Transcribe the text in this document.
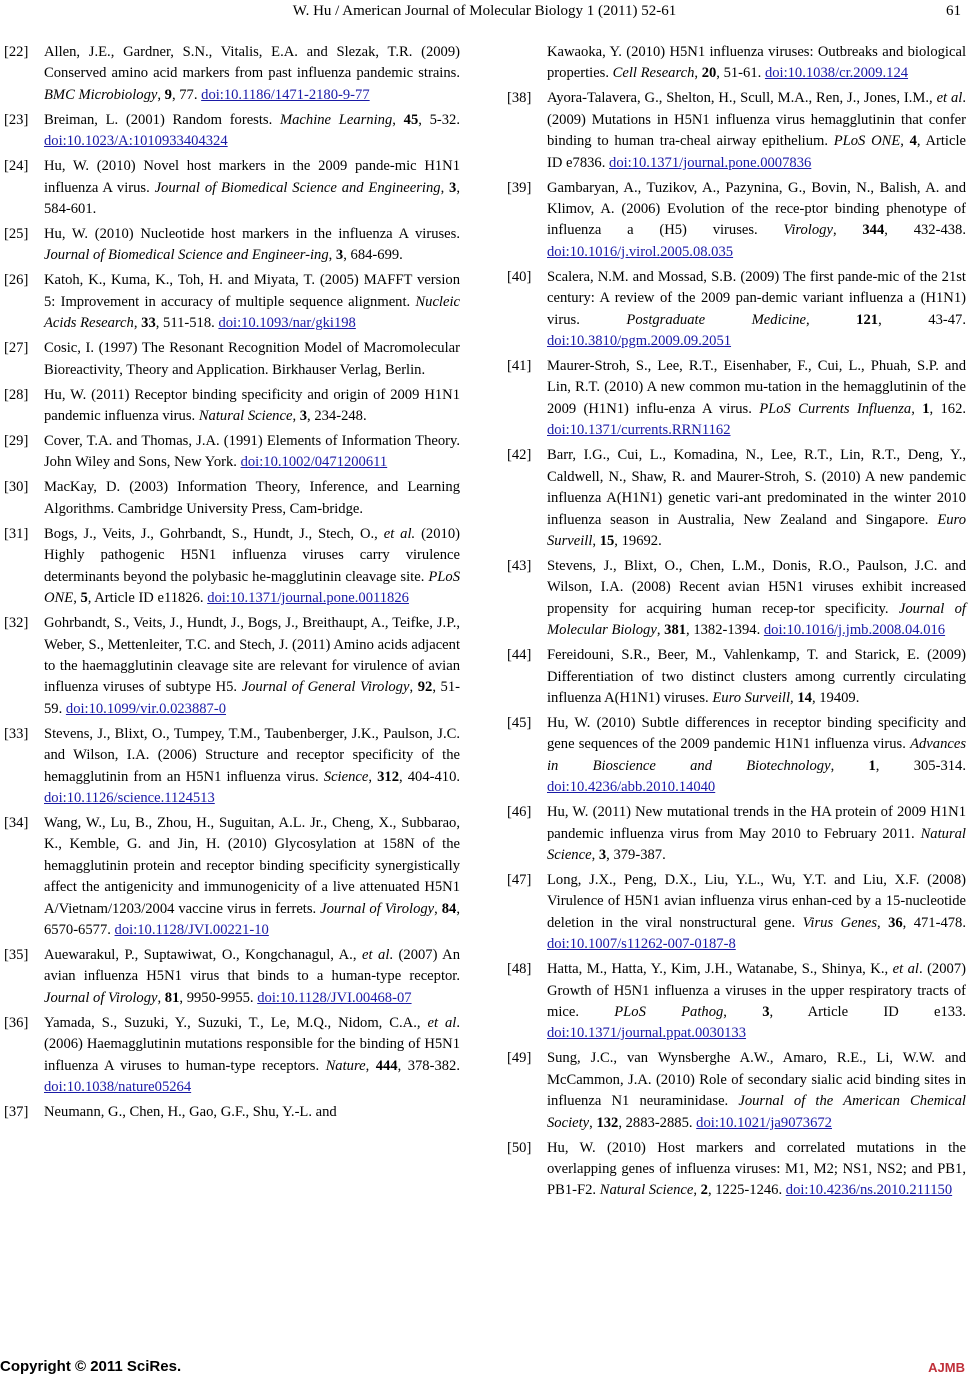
W. Hu / American Journal of Molecular Biology 1 (2011) 52-61	61
[22]	Allen, J.E., Gardner, S.N., Vitalis, E.A. and Slezak, T.R. (2009) Conserved amino acid markers from past influenza pandemic strains. BMC Microbiology, 9, 77. doi:10.1186/1471-2180-9-77
[23]	Breiman, L. (2001) Random forests. Machine Learning, 45, 5-32. doi:10.1023/A:1010933404324
[24]	Hu, W. (2010) Novel host markers in the 2009 pande-mic H1N1 influenza A virus. Journal of Biomedical Science and Engineering, 3, 584-601.
[25]	Hu, W. (2010) Nucleotide host markers in the influenza A viruses. Journal of Biomedical Science and Engineer-ing, 3, 684-699.
[26]	Katoh, K., Kuma, K., Toh, H. and Miyata, T. (2005) MAFFT version 5: Improvement in accuracy of multiple sequence alignment. Nucleic Acids Research, 33, 511-518. doi:10.1093/nar/gki198
[27]	Cosic, I. (1997) The Resonant Recognition Model of Macromolecular Bioreactivity, Theory and Application. Birkhauser Verlag, Berlin.
[28]	Hu, W. (2011) Receptor binding specificity and origin of 2009 H1N1 pandemic influenza virus. Natural Science, 3, 234-248.
[29]	Cover, T.A. and Thomas, J.A. (1991) Elements of Information Theory. John Wiley and Sons, New York. doi:10.1002/0471200611
[30]	MacKay, D. (2003) Information Theory, Inference, and Learning Algorithms. Cambridge University Press, Cam-bridge.
[31]	Bogs, J., Veits, J., Gohrbandt, S., Hundt, J., Stech, O., et al. (2010) Highly pathogenic H5N1 influenza viruses carry virulence determinants beyond the polybasic he-magglutinin cleavage site. PLoS ONE, 5, Article ID e11826. doi:10.1371/journal.pone.0011826
[32]	Gohrbandt, S., Veits, J., Hundt, J., Bogs, J., Breithaupt, A., Teifke, J.P., Weber, S., Mettenleiter, T.C. and Stech, J. (2011) Amino acids adjacent to the haemagglutinin cleavage site are relevant for virulence of avian influenza viruses of subtype H5. Journal of General Virology, 92, 51-59. doi:10.1099/vir.0.023887-0
[33]	Stevens, J., Blixt, O., Tumpey, T.M., Taubenberger, J.K., Paulson, J.C. and Wilson, I.A. (2006) Structure and receptor specificity of the hemagglutinin from an H5N1 influenza virus. Science, 312, 404-410. doi:10.1126/science.1124513
[34]	Wang, W., Lu, B., Zhou, H., Suguitan, A.L. Jr., Cheng, X., Subbarao, K., Kemble, G. and Jin, H. (2010) Glycosylation at 158N of the hemagglutinin protein and receptor binding specificity synergistically affect the antigenicity and immunogenicity of a live attenuated H5N1 A/Vietnam/1203/2004 vaccine virus in ferrets. Journal of Virology, 84, 6570-6577. doi:10.1128/JVI.00221-10
[35]	Auewarakul, P., Suptawiwat, O., Kongchanagul, A., et al. (2007) An avian influenza H5N1 virus that binds to a human-type receptor. Journal of Virology, 81, 9950-9955. doi:10.1128/JVI.00468-07
[36]	Yamada, S., Suzuki, Y., Suzuki, T., Le, M.Q., Nidom, C.A., et al. (2006) Haemagglutinin mutations responsible for the binding of H5N1 influenza A viruses to human-type receptors. Nature, 444, 378-382. doi:10.1038/nature05264
[37]	Neumann, G., Chen, H., Gao, G.F., Shu, Y.-L. and
Kawaoka, Y. (2010) H5N1 influenza viruses: Outbreaks and biological properties. Cell Research, 20, 51-61. doi:10.1038/cr.2009.124
[38]	Ayora-Talavera, G., Shelton, H., Scull, M.A., Ren, J., Jones, I.M., et al. (2009) Mutations in H5N1 influenza virus hemagglutinin that confer binding to human tra-cheal airway epithelium. PLoS ONE, 4, Article ID e7836. doi:10.1371/journal.pone.0007836
[39]	Gambaryan, A., Tuzikov, A., Pazynina, G., Bovin, N., Balish, A. and Klimov, A. (2006) Evolution of the rece-ptor binding phenotype of influenza a (H5) viruses. Virology, 344, 432-438. doi:10.1016/j.virol.2005.08.035
[40]	Scalera, N.M. and Mossad, S.B. (2009) The first pande-mic of the 21st century: A review of the 2009 pan-demic variant influenza a (H1N1) virus. Postgraduate Medicine, 121, 43-47. doi:10.3810/pgm.2009.09.2051
[41]	Maurer-Stroh, S., Lee, R.T., Eisenhaber, F., Cui, L., Phuah, S.P. and Lin, R.T. (2010) A new common mu-tation in the hemagglutinin of the 2009 (H1N1) influ-enza A virus. PLoS Currents Influenza, 1, 162. doi:10.1371/currents.RRN1162
[42]	Barr, I.G., Cui, L., Komadina, N., Lee, R.T., Lin, R.T., Deng, Y., Caldwell, N., Shaw, R. and Maurer-Stroh, S. (2010) A new pandemic influenza A(H1N1) genetic vari-ant predominated in the winter 2010 influenza season in Australia, New Zealand and Singapore. Euro Surveill, 15, 19692.
[43]	Stevens, J., Blixt, O., Chen, L.M., Donis, R.O., Paulson, J.C. and Wilson, I.A. (2008) Recent avian H5N1 viruses exhibit increased propensity for acquiring human recep-tor specificity. Journal of Molecular Biology, 381, 1382-1394. doi:10.1016/j.jmb.2008.04.016
[44]	Fereidouni, S.R., Beer, M., Vahlenkamp, T. and Starick, E. (2009) Differentiation of two distinct clusters among currently circulating influenza A(H1N1) viruses. Euro Surveill, 14, 19409.
[45]	Hu, W. (2010) Subtle differences in receptor binding specificity and gene sequences of the 2009 pandemic H1N1 influenza virus. Advances in Bioscience and Biotechnology, 1, 305-314. doi:10.4236/abb.2010.14040
[46]	Hu, W. (2011) New mutational trends in the HA protein of 2009 H1N1 pandemic influenza virus from May 2010 to February 2011. Natural Science, 3, 379-387.
[47]	Long, J.X., Peng, D.X., Liu, Y.L., Wu, Y.T. and Liu, X.F. (2008) Virulence of H5N1 avian influenza virus enhan-ced by a 15-nucleotide deletion in the viral nonstructural gene. Virus Genes, 36, 471-478. doi:10.1007/s11262-007-0187-8
[48]	Hatta, M., Hatta, Y., Kim, J.H., Watanabe, S., Shinya, K., et al. (2007) Growth of H5N1 influenza a viruses in the upper respiratory tracts of mice. PLoS Pathog, 3, Article ID e133. doi:10.1371/journal.ppat.0030133
[49]	Sung, J.C., van Wynsberghe A.W., Amaro, R.E., Li, W.W. and McCammon, J.A. (2010) Role of secondary sialic acid binding sites in influenza N1 neuraminidase. Journal of the American Chemical Society, 132, 2883-2885. doi:10.1021/ja9073672
[50]	Hu, W. (2010) Host markers and correlated mutations in the overlapping genes of influenza viruses: M1, M2; NS1, NS2; and PB1, PB1-F2. Natural Science, 2, 1225-1246. doi:10.4236/ns.2010.211150
Copyright © 2011 SciRes.	AJMB
